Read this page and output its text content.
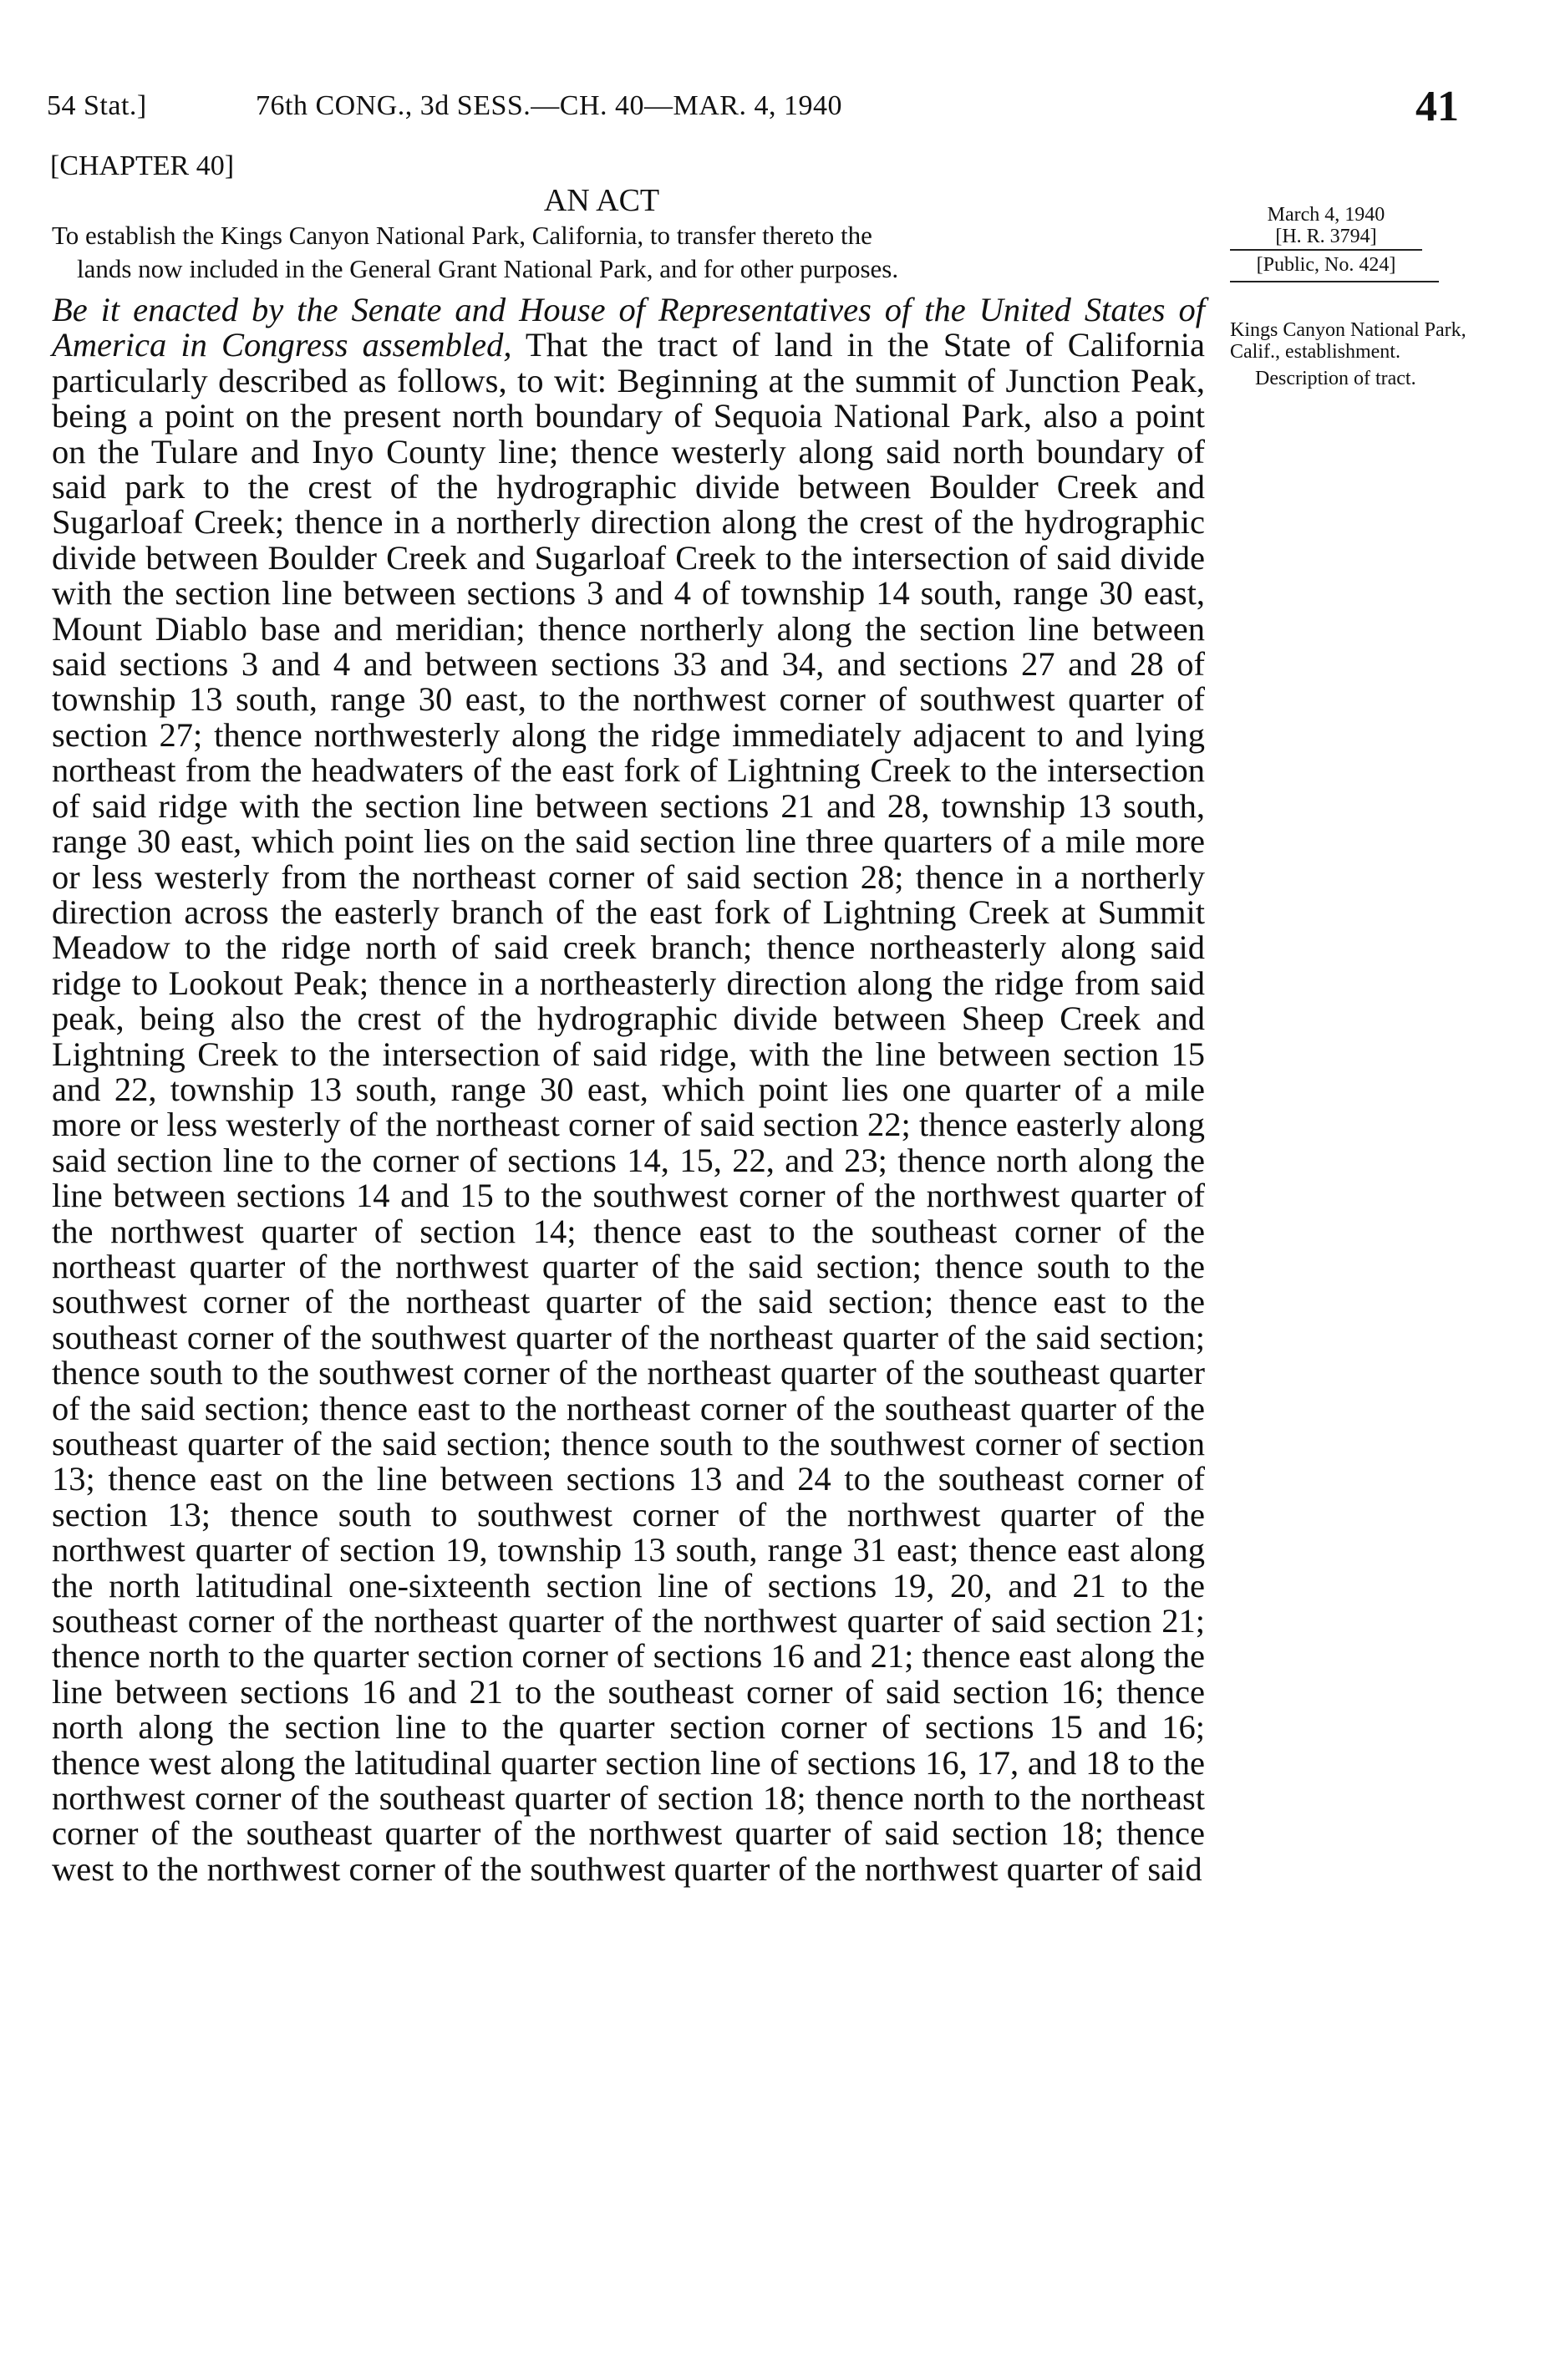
54 Stat.]	76th CONG., 3d SESS.—CH. 40—MAR. 4, 1940	41
[CHAPTER 40]
AN ACT
To establish the Kings Canyon National Park, California, to transfer thereto the
lands now included in the General Grant National Park, and for other purposes.
March 4, 1940
[H. R. 3794]
[Public, No. 424]
Kings Canyon National Park, Calif., establishment.
Description of tract.
Be it enacted by the Senate and House of Representatives of the United States of America in Congress assembled, That the tract of land in the State of California particularly described as follows, to wit: Beginning at the summit of Junction Peak, being a point on the present north boundary of Sequoia National Park, also a point on the Tulare and Inyo County line; thence westerly along said north boundary of said park to the crest of the hydrographic divide between Boulder Creek and Sugarloaf Creek; thence in a northerly direction along the crest of the hydrographic divide between Boulder Creek and Sugarloaf Creek to the intersection of said divide with the section line between sections 3 and 4 of township 14 south, range 30 east, Mount Diablo base and meridian; thence northerly along the section line between said sections 3 and 4 and between sections 33 and 34, and sections 27 and 28 of township 13 south, range 30 east, to the northwest corner of southwest quarter of section 27; thence northwesterly along the ridge immediately adjacent to and lying northeast from the headwaters of the east fork of Lightning Creek to the intersection of said ridge with the section line between sections 21 and 28, township 13 south, range 30 east, which point lies on the said section line three quarters of a mile more or less westerly from the northeast corner of said section 28; thence in a northerly direction across the easterly branch of the east fork of Lightning Creek at Summit Meadow to the ridge north of said creek branch; thence northeasterly along said ridge to Lookout Peak; thence in a northeasterly direction along the ridge from said peak, being also the crest of the hydrographic divide between Sheep Creek and Lightning Creek to the intersection of said ridge, with the line between section 15 and 22, township 13 south, range 30 east, which point lies one quarter of a mile more or less westerly of the northeast corner of said section 22; thence easterly along said section line to the corner of sections 14, 15, 22, and 23; thence north along the line between sections 14 and 15 to the southwest corner of the northwest quarter of the northwest quarter of section 14; thence east to the southeast corner of the northeast quarter of the northwest quarter of the said section; thence south to the southwest corner of the northeast quarter of the said section; thence east to the southeast corner of the southwest quarter of the northeast quarter of the said section; thence south to the southwest corner of the northeast quarter of the southeast quarter of the said section; thence east to the northeast corner of the southeast quarter of the southeast quarter of the said section; thence south to the southwest corner of section 13; thence east on the line between sections 13 and 24 to the southeast corner of section 13; thence south to southwest corner of the northwest quarter of the northwest quarter of section 19, township 13 south, range 31 east; thence east along the north latitudinal one-sixteenth section line of sections 19, 20, and 21 to the southeast corner of the northeast quarter of the northwest quarter of said section 21; thence north to the quarter section corner of sections 16 and 21; thence east along the line between sections 16 and 21 to the southeast corner of said section 16; thence north along the section line to the quarter section corner of sections 15 and 16; thence west along the latitudinal quarter section line of sections 16, 17, and 18 to the northwest corner of the southeast quarter of section 18; thence north to the northeast corner of the southeast quarter of the northwest quarter of said section 18; thence west to the northwest corner of the southwest quarter of the northwest quarter of said
